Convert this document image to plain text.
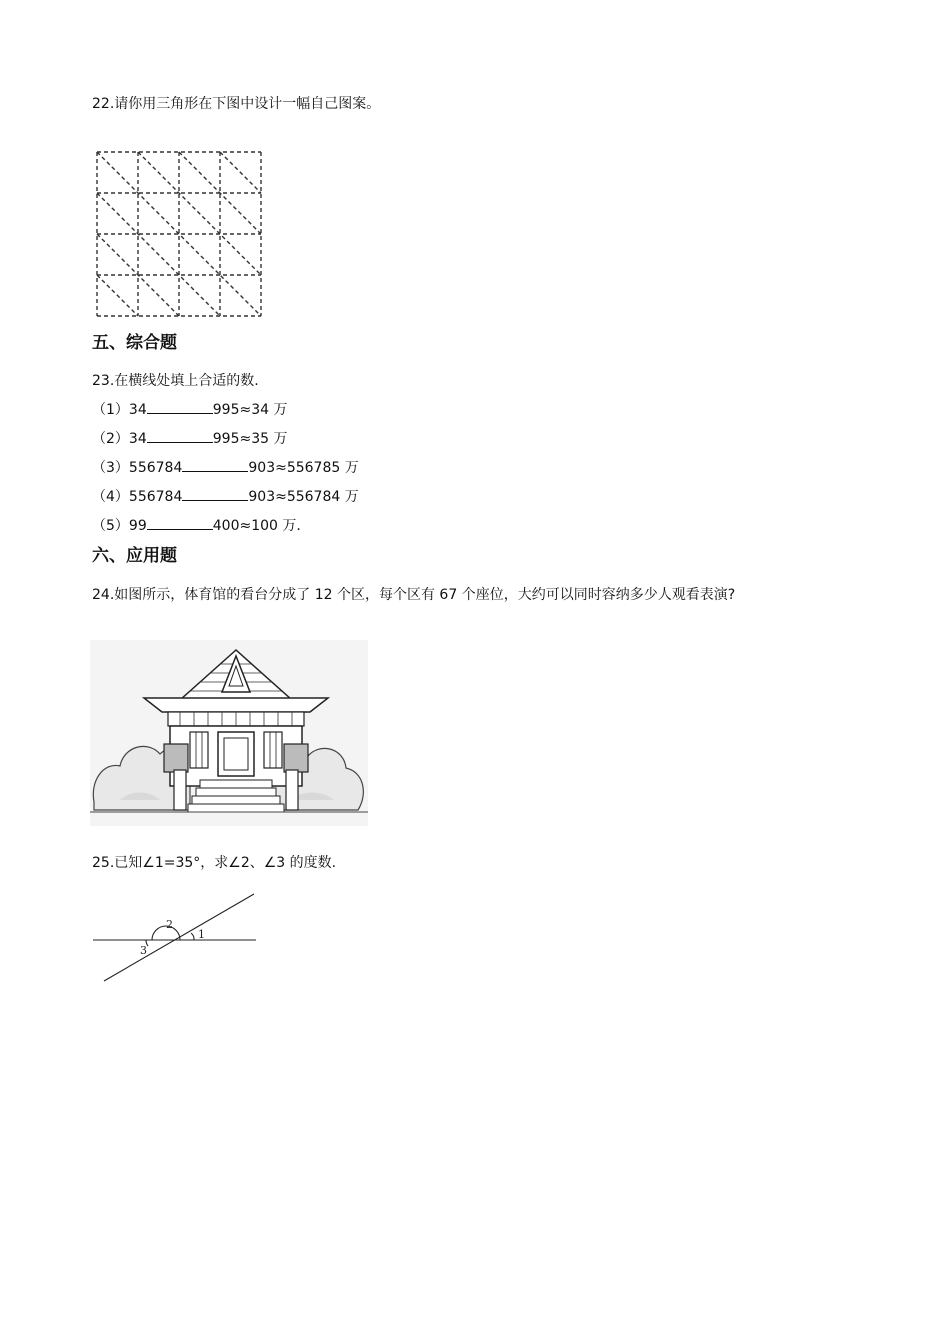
22.请你用三角形在下图中设计一幅自己图案。
五、综合题
23.在横线处填上合适的数.
（1）34	995≈34 万
（2）34	995≈35 万
（3）556784	903≈556785 万
（4）556784	903≈556784 万
（5）99	400≈100 万.
六、应用题
24.如图所示，体育馆的看台分成了 12 个区，每个区有 67 个座位，大约可以同时容纳多少人观看表演?
25.已知∠1=35°，求∠2、∠3 的度数.
1
2
3
